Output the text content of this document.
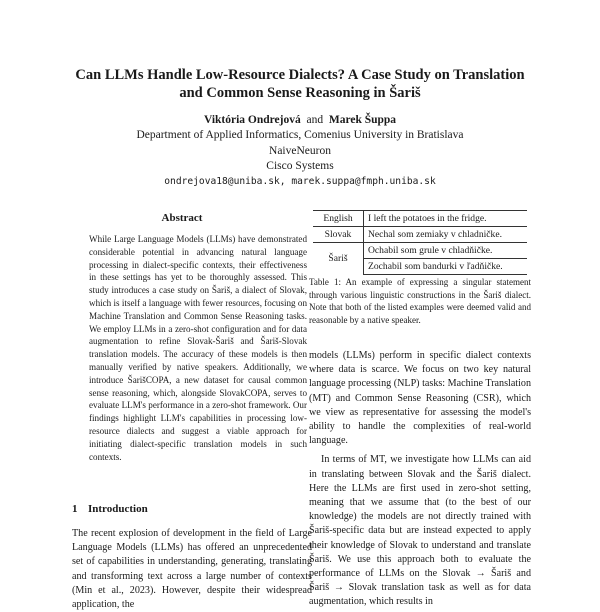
Can LLMs Handle Low-Resource Dialects? A Case Study on Translation
and Common Sense Reasoning in Šariš
Viktória Ondrejová and Marek Šuppa
Department of Applied Informatics, Comenius University in Bratislava
NaiveNeuron
Cisco Systems
ondrejova18@uniba.sk, marek.suppa@fmph.uniba.sk
Abstract
While Large Language Models (LLMs) have demonstrated considerable potential in advancing natural language processing in dialect-specific contexts, their effectiveness in these settings has yet to be thoroughly assessed. This study introduces a case study on Šariš, a dialect of Slovak, which is itself a language with fewer resources, focusing on Machine Translation and Common Sense Reasoning tasks. We employ LLMs in a zero-shot configuration and for data augmentation to refine Slovak-Šariš and Šariš-Slovak translation models. The accuracy of these models is then manually verified by native speakers. Additionally, we introduce ŠarišCOPA, a new dataset for causal common sense reasoning, which, alongside SlovakCOPA, serves to evaluate LLM's performance in a zero-shot framework. Our findings highlight LLM's capabilities in processing low-resource dialects and suggest a viable approach for initiating dialect-specific translation models in such contexts.
1 Introduction
The recent explosion of development in the field of Large Language Models (LLMs) has offered an unprecedented set of capabilities in understanding, generating, translating and transforming text across a large number of contexts (Min et al., 2023). However, despite their widespread application, the
English	I left the potatoes in the fridge.
Slovak	Nechal som zemiaky v chladničke.
Šariš	Ochabil som grule v chladňičke.
	Zochabil som bandurki v ľadňičke.
Table 1: An example of expressing a singular statement through various linguistic constructions in the Šariš dialect. Note that both of the listed examples were deemed valid and reasonable by a native speaker.

models (LLMs) perform in specific dialect contexts where data is scarce. We focus on two key natural language processing (NLP) tasks: Machine Translation (MT) and Common Sense Reasoning (CSR), which we view as representative for assessing the model's ability to handle the complexities of real-world language.

In terms of MT, we investigate how LLMs can aid in translating between Slovak and the Šariš dialect. Here the LLMs are first used in zero-shot setting, meaning that we assume that (to the best of our knowledge) the models are not directly trained with Šariš-specific data but are instead expected to apply their knowledge of Slovak to understand and translate Šariš. We use this approach both to evaluate the performance of LLMs on the Slovak → Šariš and Šariš → Slovak translation task as well as for data augmentation, which results in
